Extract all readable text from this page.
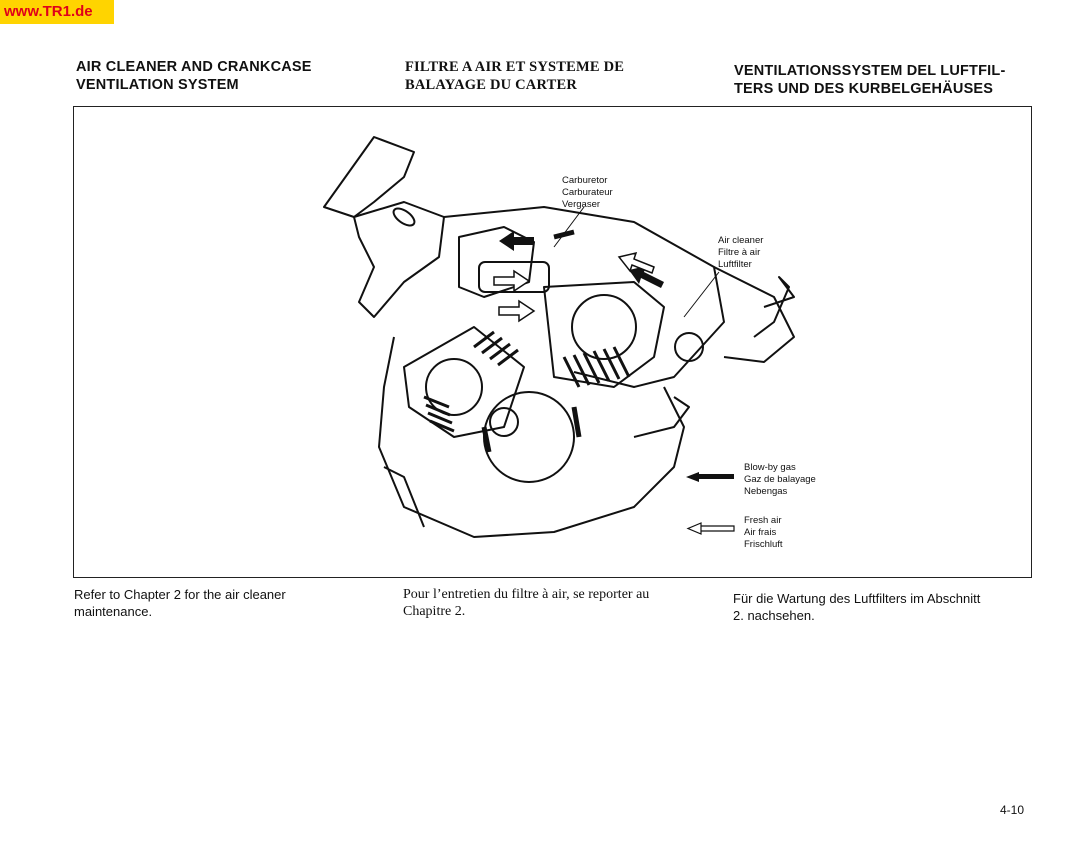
www.TR1.de
AIR CLEANER AND CRANKCASE
VENTILATION SYSTEM
FILTRE A AIR ET SYSTEME DE
BALAYAGE DU CARTER
VENTILATIONSSYSTEM DEL LUFTFIL-
TERS UND DES KURBELGEHÄUSES
Carburetor
Carburateur
Vergaser
Air cleaner
Filtre à air
Luftfilter
Blow-by gas
Gaz de balayage
Nebengas
Fresh air
Air frais
Frischluft
Refer to Chapter 2 for the air cleaner
maintenance.
Pour l’entretien du filtre à air, se reporter au
Chapitre 2.
Für die Wartung des Luftfilters im Abschnitt
2. nachsehen.
4-10
